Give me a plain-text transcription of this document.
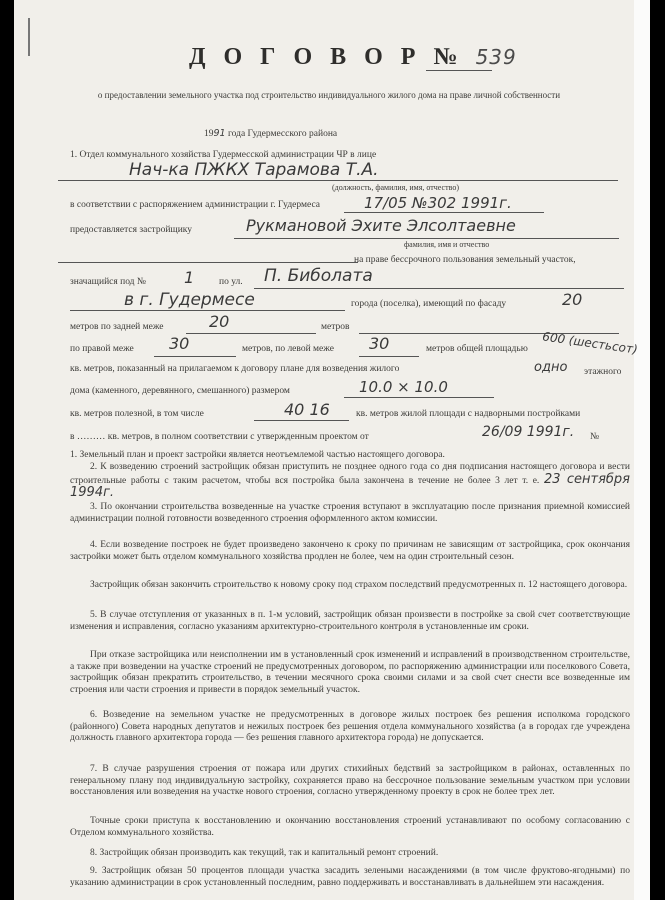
Д О Г О В О Р № 539
о предоставлении земельного участка под строительство индивидуального жилого дома на праве личной собственности
1991 года Гудермесского района
1. Отдел коммунального хозяйства Гудермесской администрации ЧР в лице
Нач-ка ПЖКХ Тарамова Т.А.
(должность, фамилия, имя, отчество)
в соответствии с распоряжением администрации г. Гудермеса	17/05 №302 1991г.
предоставляется застройщику	Рукмановой Эхите Элсолтаевне
фамилия, имя и отчество
на праве бессрочного пользования земельный участок,
значащийся под № 1	по ул. П. Биболата
в г. Гудермесе	города (поселка), имеющий по фасаду	20
метров по задней меже	20	метров
по правой меже 30	метров, по левой меже 30	метров общей площадью 600 (шестьсот)
кв. метров, показанный на прилагаемом к договору плане для возведения жилого	одно этажного
дома (каменного, деревянного, смешанного) размером	10.0 × 10.0
кв. метров полезной, в том числе	40 16	кв. метров жилой площади с надворными постройками
в ……… кв. метров, в полном соответствии с утвержденным проектом от	26/09 1991г. №
1. Земельный план и проект застройки является неотъемлемой частью настоящего договора.
2. К возведению строений застройщик обязан приступить не позднее одного года со дня подписания настоящего договора и вести строительные работы с таким расчетом, чтобы вся постройка была закончена в течение не более 3 лет т. е. 23 сентября 1994г.
3. По окончании строительства возведенные на участке строения вступают в эксплуатацию после признания приемной комиссией администрации полной готовности возведенного строения оформленного актом комиссии.
4. Если возведение построек не будет произведено закончено к сроку по причинам не зависящим от застройщика, срок окончания застройки может быть отделом коммунального хозяйства продлен не более, чем на один строительный сезон.
Застройщик обязан закончить строительство к новому сроку под страхом последствий предусмотренных п. 12 настоящего договора.
5. В случае отступления от указанных в п. 1-м условий, застройщик обязан произвести в постройке за свой счет соответствующие изменения и исправления, согласно указаниям архитектурно-строительного контроля в установленные им сроки.
При отказе застройщика или неисполнении им в установленный срок изменений и исправлений в производственном строительстве, а также при возведении на участке строений не предусмотренных договором, по распоряжению администрации или поселкового Совета, застройщик обязан прекратить строительство, в течении месячного срока своими силами и за свой счет снести все возведенные им строения или части строения и привести в порядок земельный участок.
6. Возведение на земельном участке не предусмотренных в договоре жилых построек без решения исполкома городского (районного) Совета народных депутатов и нежилых построек без решения отдела коммунального хозяйства (а в городах где учреждена должность главного архитектора города — без решения главного архитектора города) не допускается.
7. В случае разрушения строения от пожара или других стихийных бедствий за застройщиком в районах, оставленных по генеральному плану под индивидуальную застройку, сохраняется право на бессрочное пользование земельным участком при условии восстановления или возведения на участке нового строения, согласно утвержденному проекту в срок не более трех лет.
Точные сроки приступа к восстановлению и окончанию восстановления строений устанавливают по особому согласованию с Отделом коммунального хозяйства.
8. Застройщик обязан производить как текущий, так и капитальный ремонт строений.
9. Застройщик обязан 50 процентов площади участка засадить зелеными насаждениями (в том числе фруктово-ягодными) по указанию администрации в срок установленный последним, равно поддерживать и восстанавливать в дальнейшем эти насаждения.
